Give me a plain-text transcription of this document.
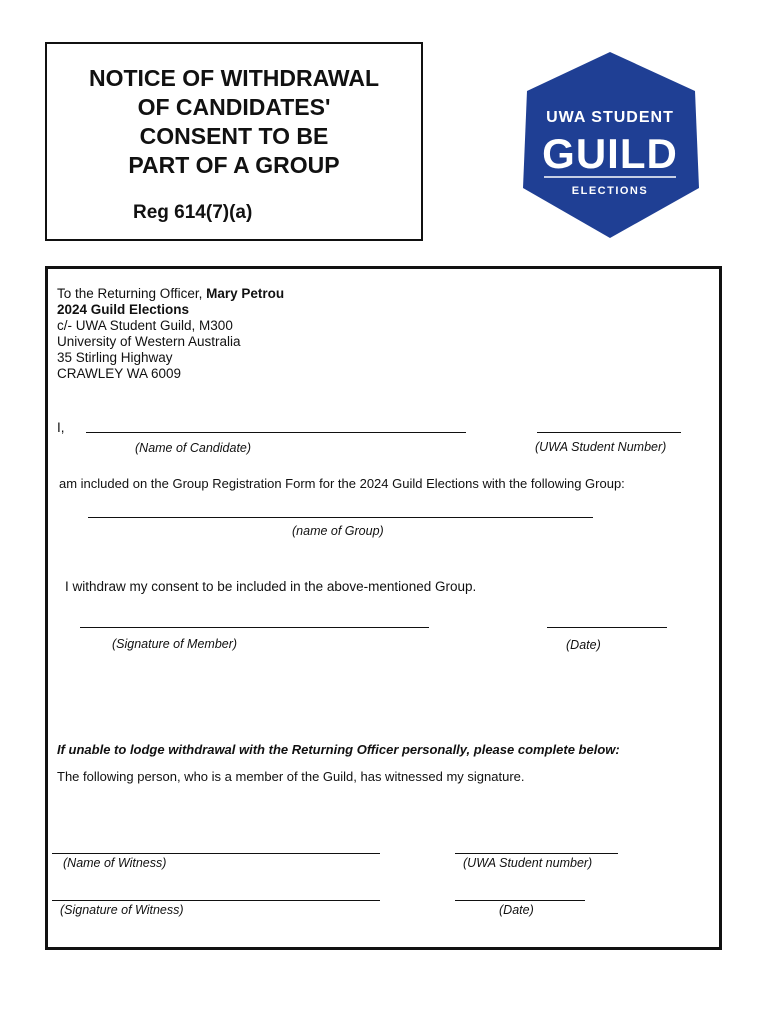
NOTICE OF WITHDRAWAL
OF CANDIDATES'
CONSENT TO BE
PART OF A GROUP
Reg 614(7)(a)
UWA STUDENT
GUILD
ELECTIONS
To the Returning Officer, Mary Petrou
2024 Guild Elections
c/- UWA Student Guild, M300
University of Western Australia
35 Stirling Highway
CRAWLEY WA 6009
I,
(Name of Candidate)	(UWA Student Number)
am included on the Group Registration Form for the 2024 Guild Elections with the following Group:
(name of Group)
I withdraw my consent to be included in the above-mentioned Group.
(Signature of Member)	(Date)
If unable to lodge withdrawal with the Returning Officer personally, please complete below:
The following person, who is a member of the Guild, has witnessed my signature.
(Name of Witness)	(UWA Student number)
(Signature of Witness)	(Date)
